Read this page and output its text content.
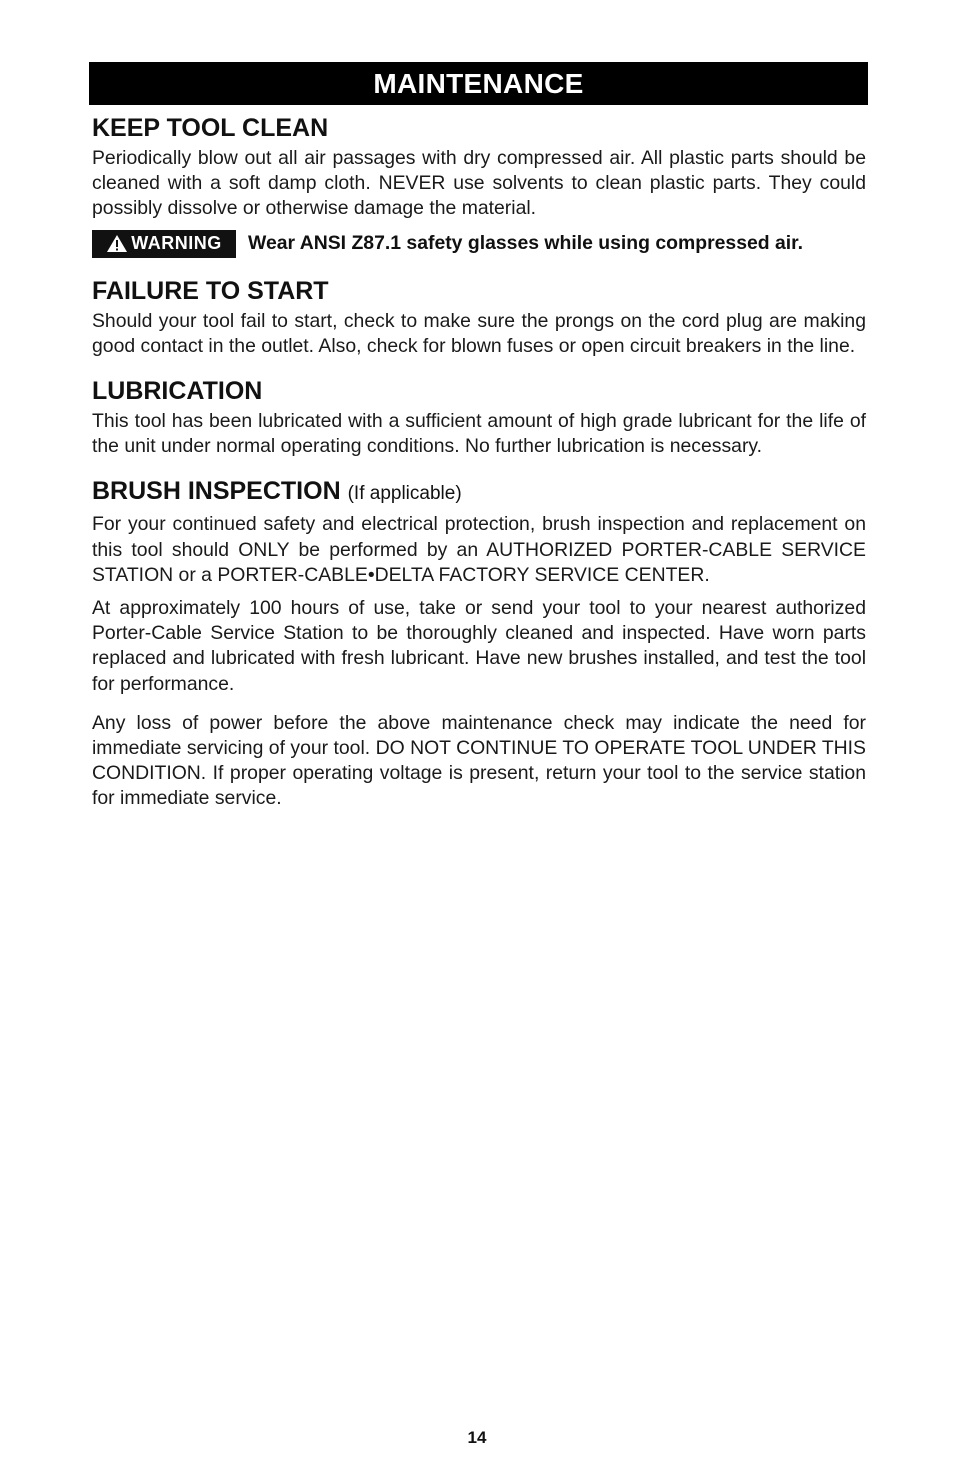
MAINTENANCE
KEEP TOOL CLEAN

Periodically blow out all air passages with dry compressed air. All plastic parts should be cleaned with a soft damp cloth. NEVER use solvents to clean plastic parts. They could possibly dissolve or otherwise damage the material.

WARNING Wear ANSI Z87.1 safety glasses while using compressed air.
FAILURE TO START

Should your tool fail to start, check to make sure the prongs on the cord plug are making good contact in the outlet. Also, check for blown fuses or open circuit breakers in the line.

LUBRICATION

This tool has been lubricated with a sufficient amount of high grade lubricant for the life of the unit under normal operating conditions. No further lubrication is necessary.

BRUSH INSPECTION (If applicable)

For your continued safety and electrical protection, brush inspection and replacement on this tool should ONLY be performed by an AUTHORIZED PORTER-CABLE SERVICE STATION or a PORTER-CABLE•DELTA FACTORY SERVICE CENTER.

At approximately 100 hours of use, take or send your tool to your nearest authorized Porter-Cable Service Station to be thoroughly cleaned and inspected. Have worn parts replaced and lubricated with fresh lubricant. Have new brushes installed, and test the tool for performance.

Any loss of power before the above maintenance check may indicate the need for immediate servicing of your tool. DO NOT CONTINUE TO OPERATE TOOL UNDER THIS CONDITION. If proper operating voltage is present, return your tool to the service station for immediate service.

14
